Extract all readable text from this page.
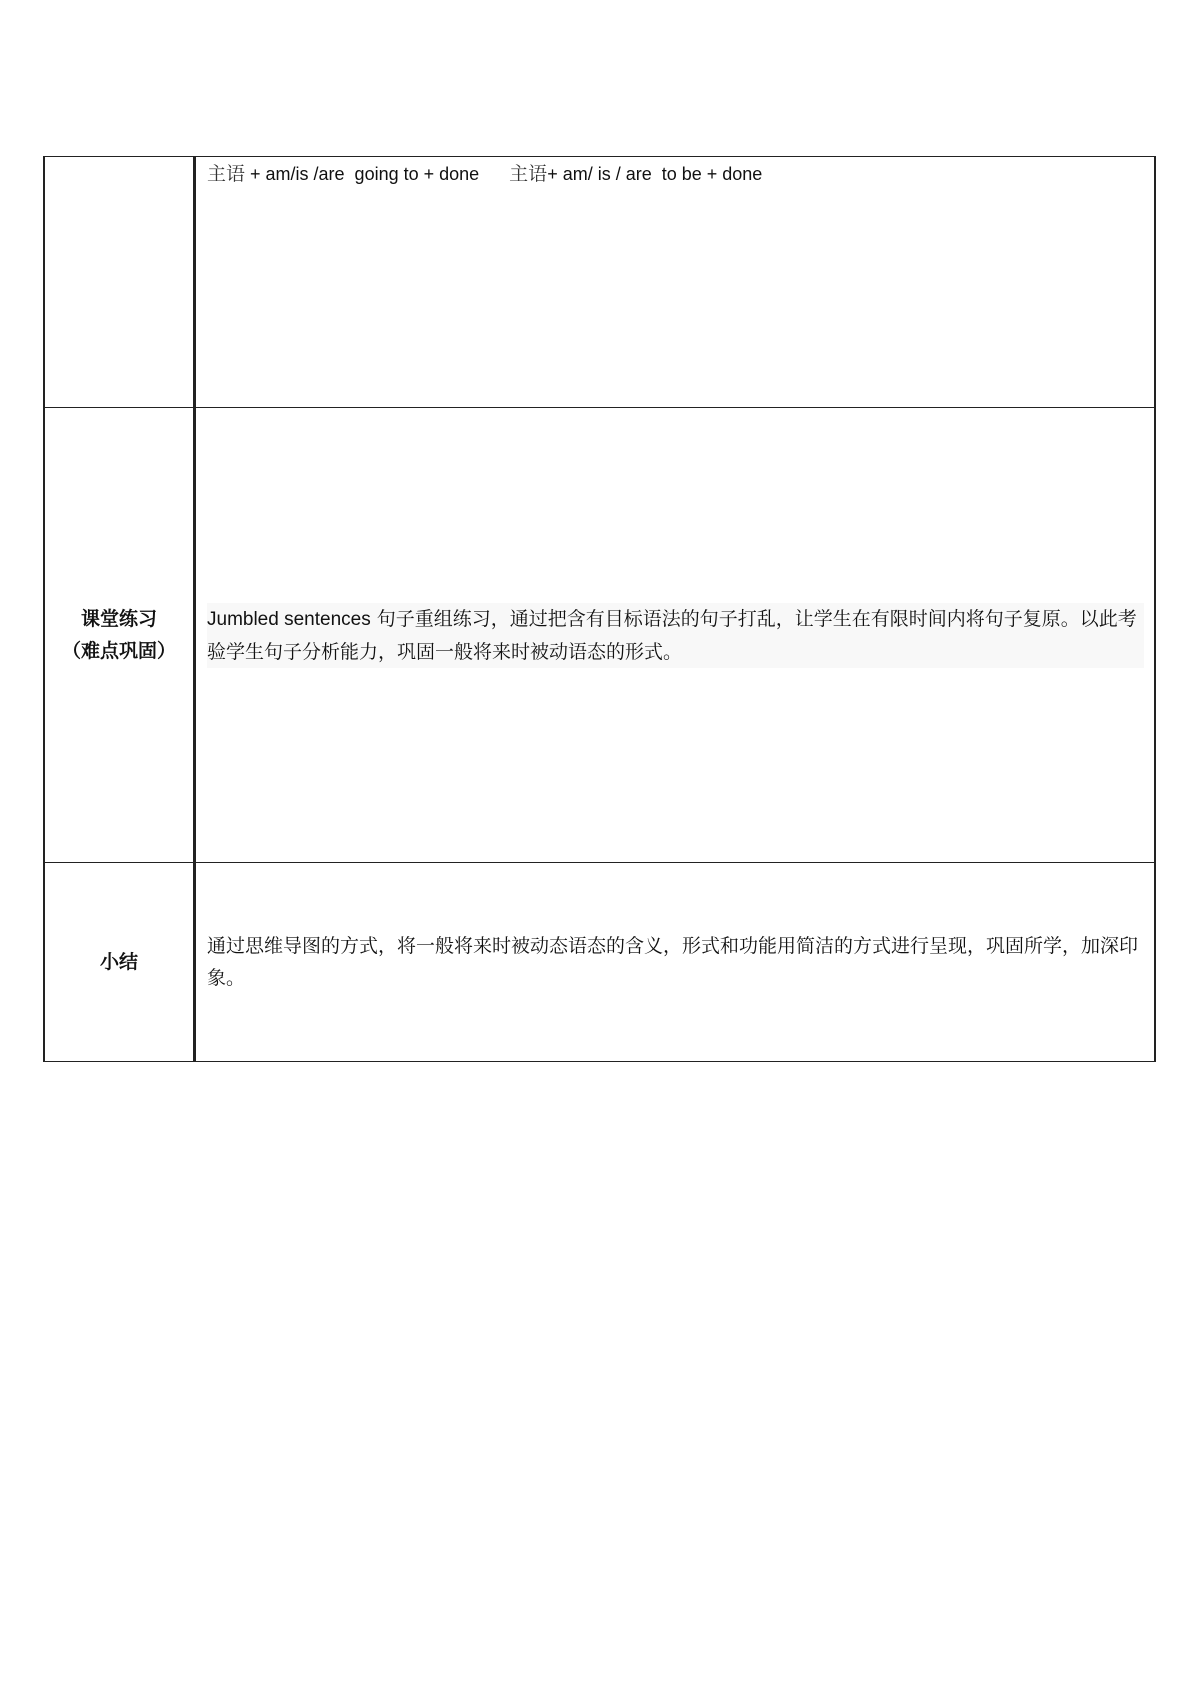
	主语 + am/is /are  going to + done 主语+ am/ is / are  to be + done

课堂练习
（难点巩固）	Jumbled sentences 句子重组练习，通过把含有目标语法的句子打乱，让学生在有限时间内将句子复原。以此考验学生句子分析能力，巩固一般将来时被动语态的形式。

小结	通过思维导图的方式，将一般将来时被动态语态的含义，形式和功能用简洁的方式进行呈现，巩固所学，加深印象。
